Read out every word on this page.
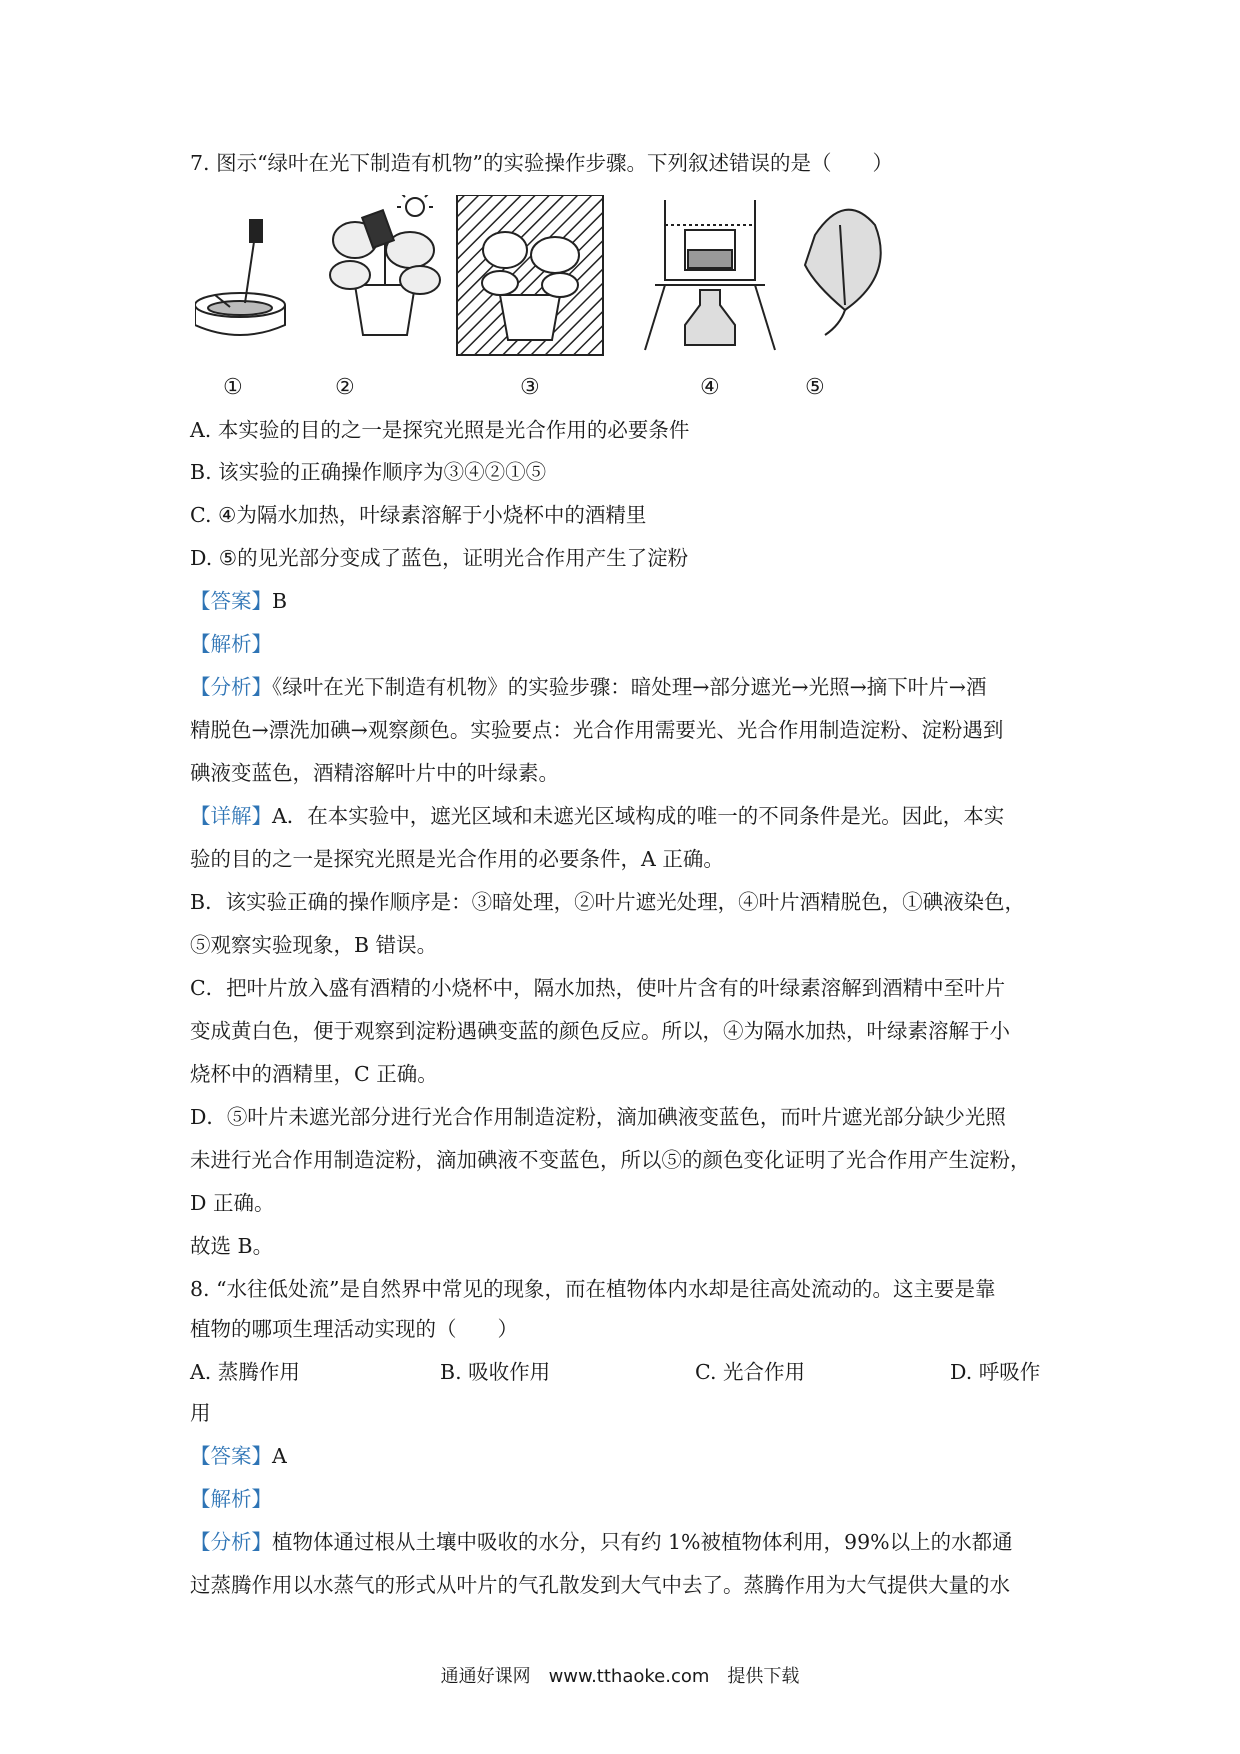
7. 图示“绿叶在光下制造有机物”的实验操作步骤。下列叙述错误的是（　　）
①	②	③	④	⑤
A. 本实验的目的之一是探究光照是光合作用的必要条件
B. 该实验的正确操作顺序为③④②①⑤
C. ④为隔水加热，叶绿素溶解于小烧杯中的酒精里
D. ⑤的见光部分变成了蓝色，证明光合作用产生了淀粉
【答案】B
【解析】
【分析】《绿叶在光下制造有机物》的实验步骤：暗处理→部分遮光→光照→摘下叶片→酒
精脱色→漂洗加碘→观察颜色。实验要点：光合作用需要光、光合作用制造淀粉、淀粉遇到
碘液变蓝色，酒精溶解叶片中的叶绿素。
【详解】A．在本实验中，遮光区域和未遮光区域构成的唯一的不同条件是光。因此，本实
验的目的之一是探究光照是光合作用的必要条件，A 正确。
B．该实验正确的操作顺序是：③暗处理，②叶片遮光处理，④叶片酒精脱色，①碘液染色，
⑤观察实验现象，B 错误。
C．把叶片放入盛有酒精的小烧杯中，隔水加热，使叶片含有的叶绿素溶解到酒精中至叶片
变成黄白色，便于观察到淀粉遇碘变蓝的颜色反应。所以，④为隔水加热，叶绿素溶解于小
烧杯中的酒精里，C 正确。
D．⑤叶片未遮光部分进行光合作用制造淀粉，滴加碘液变蓝色，而叶片遮光部分缺少光照
未进行光合作用制造淀粉，滴加碘液不变蓝色，所以⑤的颜色变化证明了光合作用产生淀粉，
D 正确。
故选 B。
8. “水往低处流”是自然界中常见的现象，而在植物体内水却是往高处流动的。这主要是靠
植物的哪项生理活动实现的（　　）
A. 蒸腾作用	B. 吸收作用	C. 光合作用	D. 呼吸作
用
【答案】A
【解析】
【分析】植物体通过根从土壤中吸收的水分，只有约 1%被植物体利用，99%以上的水都通
过蒸腾作用以水蒸气的形式从叶片的气孔散发到大气中去了。蒸腾作用为大气提供大量的水
通通好课网　www.tthaoke.com　提供下载
